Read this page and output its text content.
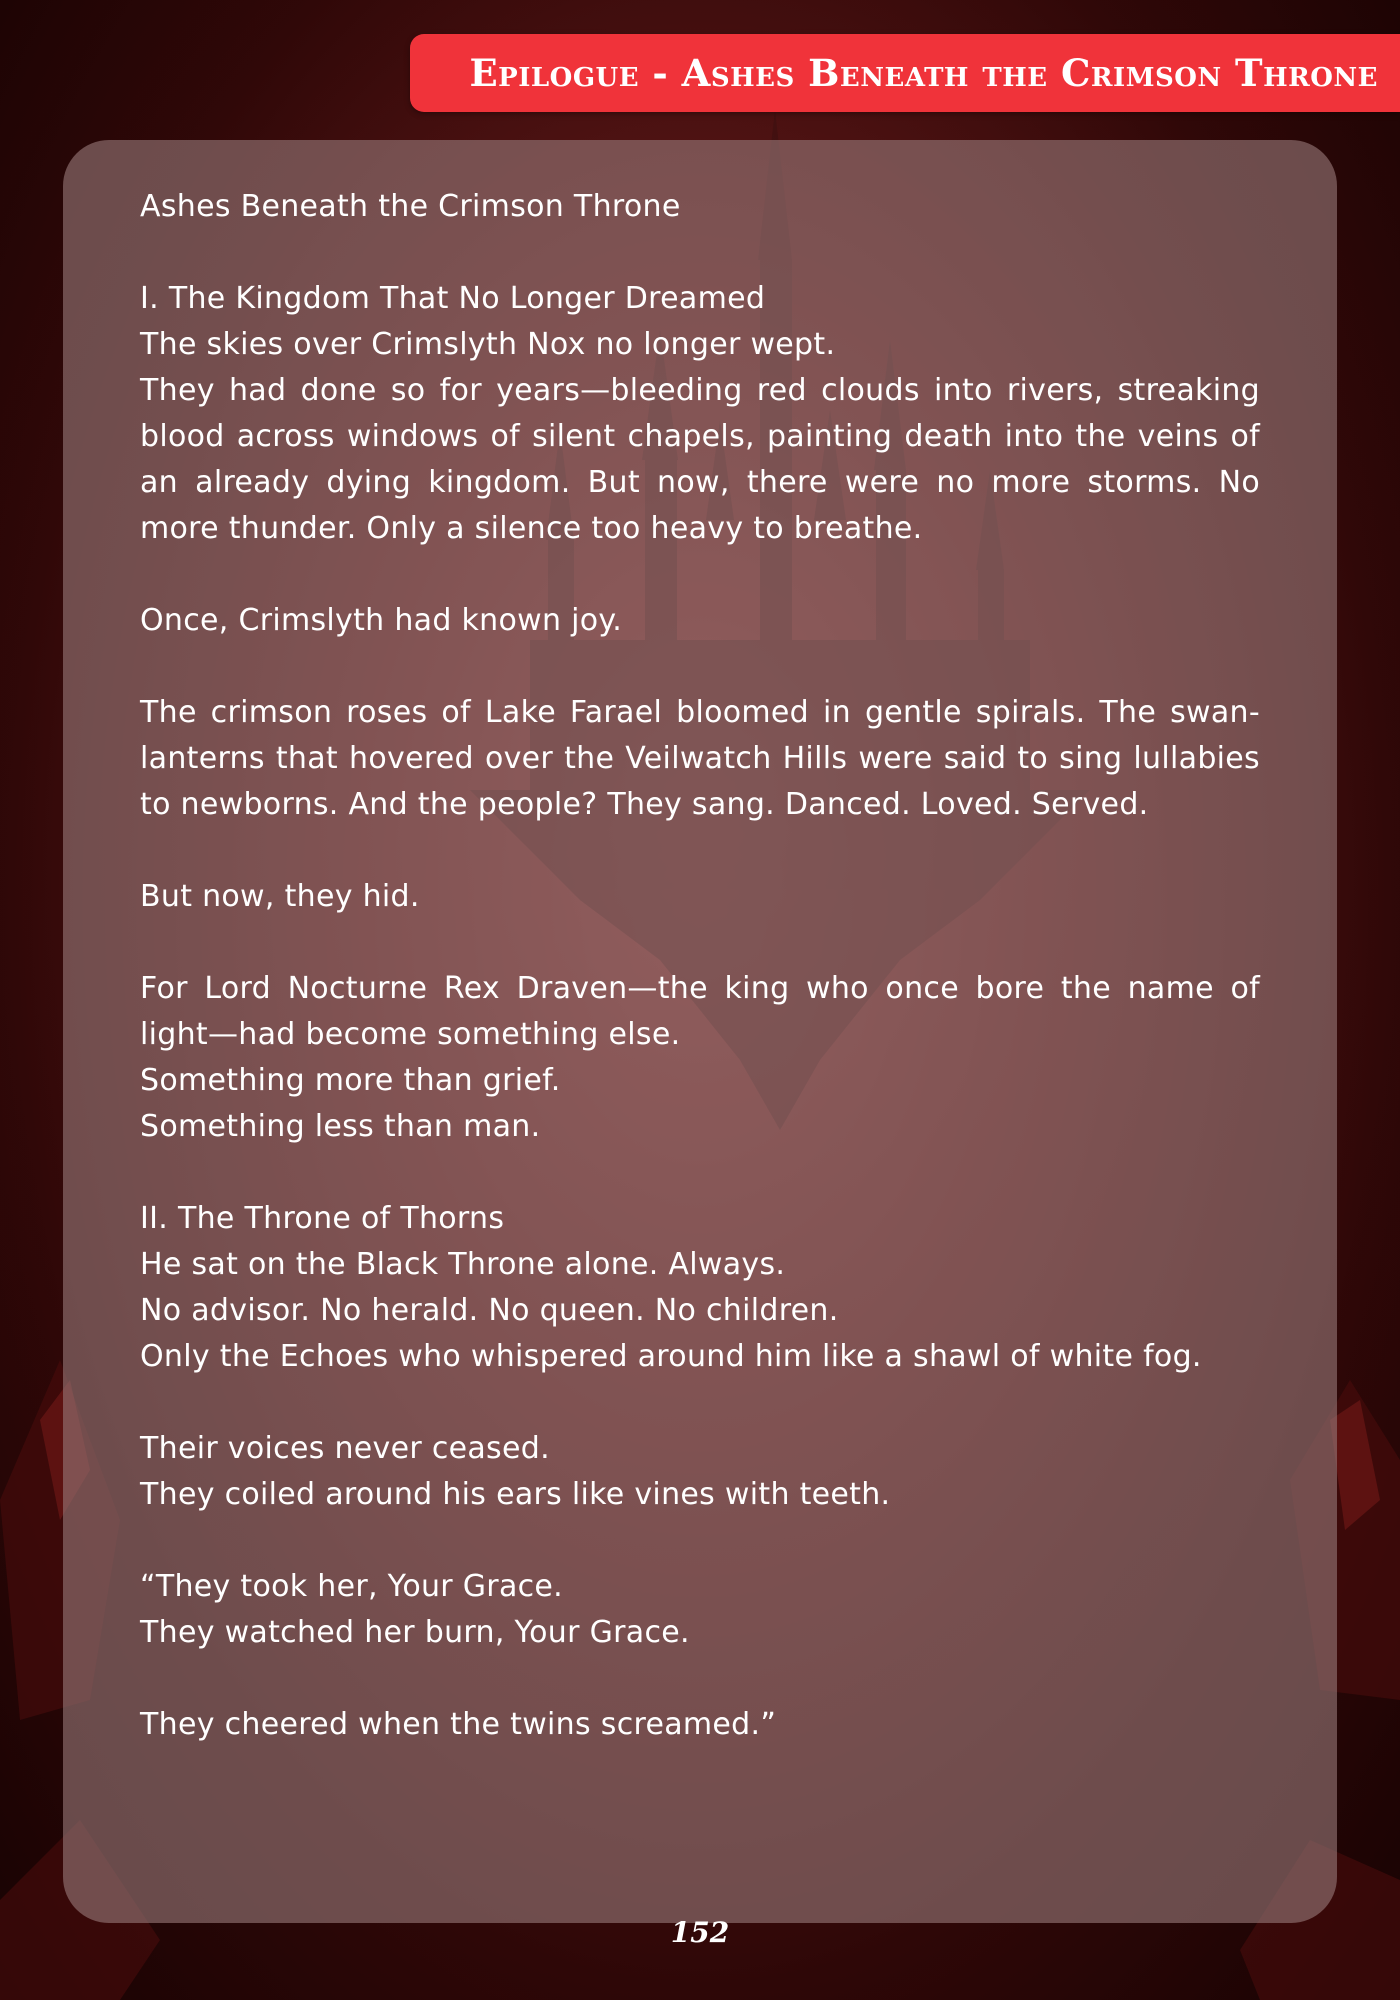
Epilogue - Ashes Beneath the Crimson Throne

Ashes Beneath the Crimson Throne

I. The Kingdom That No Longer Dreamed

The skies over Crimslyth Nox no longer wept.

They had done so for years—bleeding red clouds into rivers, streaking blood across windows of silent chapels, painting death into the veins of an already dying kingdom. But now, there were no more storms. No more thunder. Only a silence too heavy to breathe.

Once, Crimslyth had known joy.

The crimson roses of Lake Farael bloomed in gentle spirals. The swan-lanterns that hovered over the Veilwatch Hills were said to sing lullabies to newborns. And the people? They sang. Danced. Loved. Served.

But now, they hid.

For Lord Nocturne Rex Draven—the king who once bore the name of light—had become something else.

Something more than grief.

Something less than man.

II. The Throne of Thorns

He sat on the Black Throne alone. Always.

No advisor. No herald. No queen. No children.

Only the Echoes who whispered around him like a shawl of white fog.

Their voices never ceased.

They coiled around his ears like vines with teeth.

“They took her, Your Grace.

They watched her burn, Your Grace.

They cheered when the twins screamed.”

152
